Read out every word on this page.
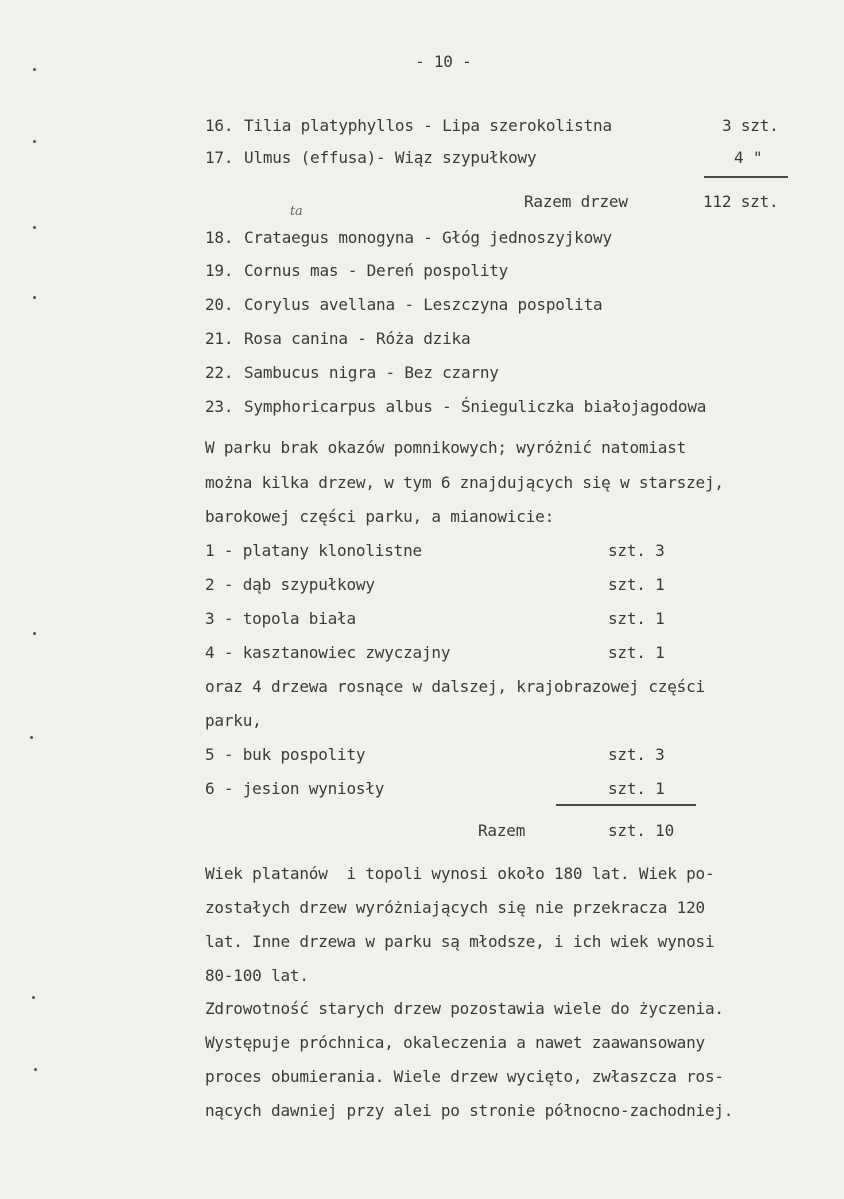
- 10 -
16. Tilia platyphyllos - Lipa szerokolistna	3 szt.
17. Ulmus (effusa)- Wiąz szypułkowy	4 "
Razem drzew	112 szt.
ta
18. Crataegus monogyna - Głóg jednoszyjkowy
19. Cornus mas - Dereń pospolity
20. Corylus avellana - Leszczyna pospolita
21. Rosa canina - Róża dzika
22. Sambucus nigra - Bez czarny
23. Symphoricarpus albus - Śnieguliczka białojagodowa
W parku brak okazów pomnikowych; wyróżnić natomiast
można kilka drzew, w tym 6 znajdujących się w starszej,
barokowej części parku, a mianowicie:
1 - platany klonolistne	szt. 3
2 - dąb szypułkowy	szt. 1
3 - topola biała	szt. 1
4 - kasztanowiec zwyczajny	szt. 1
oraz 4 drzewa rosnące w dalszej, krajobrazowej części
parku,
5 - buk pospolity	szt. 3
6 - jesion wyniosły	szt. 1
Razem	szt. 10
Wiek platanów  i topoli wynosi około 180 lat. Wiek po-
zostałych drzew wyróżniających się nie przekracza 120
lat. Inne drzewa w parku są młodsze, i ich wiek wynosi
80-100 lat.
Zdrowotność starych drzew pozostawia wiele do życzenia.
Występuje próchnica, okaleczenia a nawet zaawansowany
proces obumierania. Wiele drzew wycięto, zwłaszcza ros-
nących dawniej przy alei po stronie północno-zachodniej.
